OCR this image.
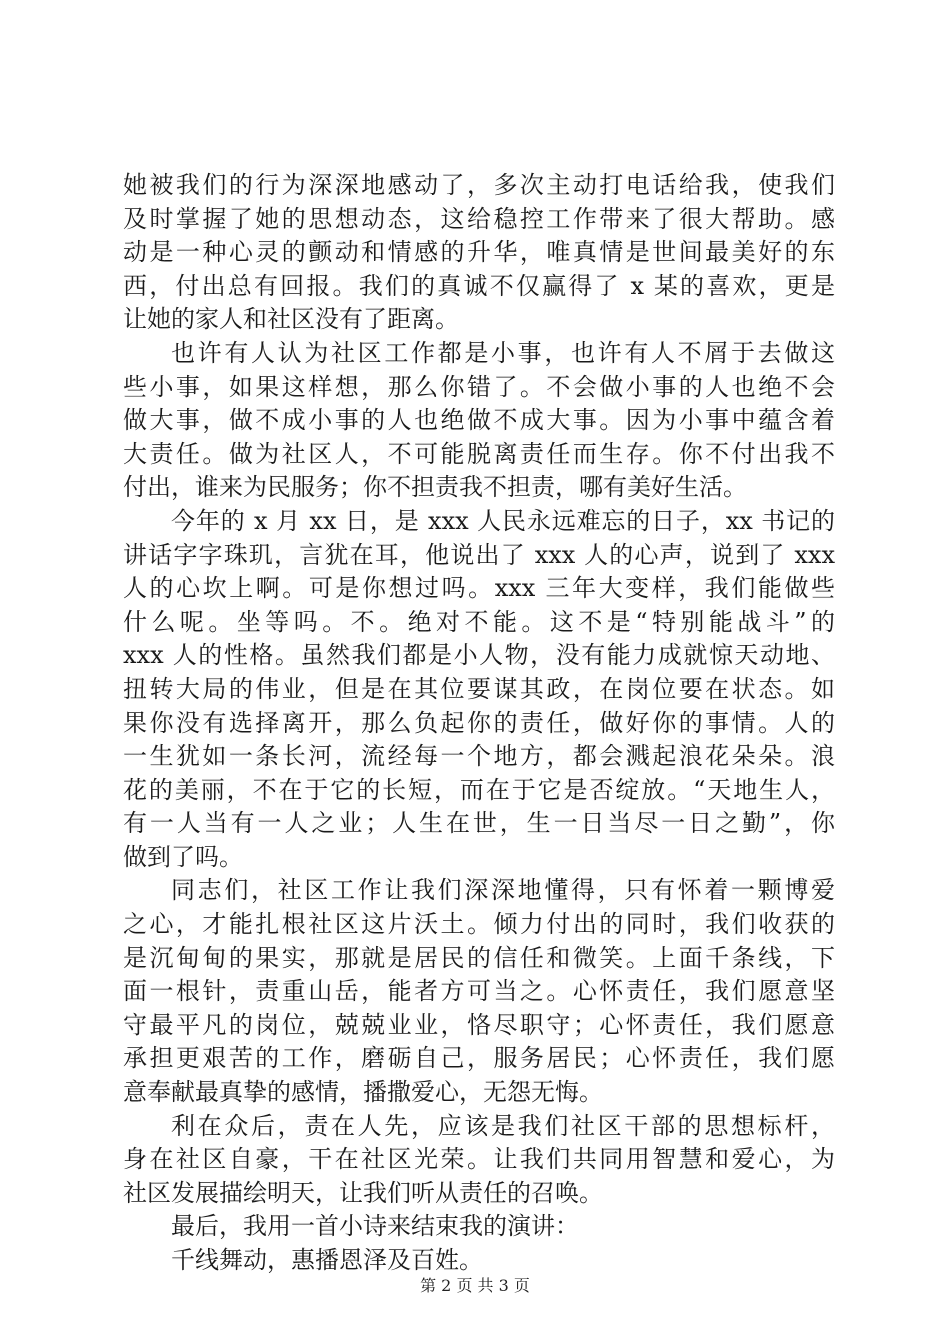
她被我们的行为深深地感动了，多次主动打电话给我，使我们
及时掌握了她的思想动态，这给稳控工作带来了很大帮助。感
动是一种心灵的颤动和情感的升华，唯真情是世间最美好的东
西，付出总有回报。我们的真诚不仅赢得了 x 某的喜欢，更是
让她的家人和社区没有了距离。
也许有人认为社区工作都是小事，也许有人不屑于去做这
些小事，如果这样想，那么你错了。不会做小事的人也绝不会
做大事，做不成小事的人也绝做不成大事。因为小事中蕴含着
大责任。做为社区人，不可能脱离责任而生存。你不付出我不
付出，谁来为民服务；你不担责我不担责，哪有美好生活。
今年的 x 月 xx 日，是 xxx 人民永远难忘的日子，xx 书记的
讲话字字珠玑，言犹在耳，他说出了 xxx 人的心声，说到了 xxx
人的心坎上啊。可是你想过吗。xxx 三年大变样，我们能做些
什么呢。坐等吗。不。绝对不能。这不是“特别能战斗”的
xxx 人的性格。虽然我们都是小人物，没有能力成就惊天动地、
扭转大局的伟业，但是在其位要谋其政，在岗位要在状态。如
果你没有选择离开，那么负起你的责任，做好你的事情。人的
一生犹如一条长河，流经每一个地方，都会溅起浪花朵朵。浪
花的美丽，不在于它的长短，而在于它是否绽放。“天地生人，
有一人当有一人之业；人生在世，生一日当尽一日之勤”，你
做到了吗。
同志们，社区工作让我们深深地懂得，只有怀着一颗博爱
之心，才能扎根社区这片沃土。倾力付出的同时，我们收获的
是沉甸甸的果实，那就是居民的信任和微笑。上面千条线，下
面一根针，责重山岳，能者方可当之。心怀责任，我们愿意坚
守最平凡的岗位，兢兢业业，恪尽职守；心怀责任，我们愿意
承担更艰苦的工作，磨砺自己，服务居民；心怀责任，我们愿
意奉献最真挚的感情，播撒爱心，无怨无悔。
利在众后，责在人先，应该是我们社区干部的思想标杆，
身在社区自豪，干在社区光荣。让我们共同用智慧和爱心，为
社区发展描绘明天，让我们听从责任的召唤。
最后，我用一首小诗来结束我的演讲：
千线舞动，惠播恩泽及百姓。
第 2 页 共 3 页
